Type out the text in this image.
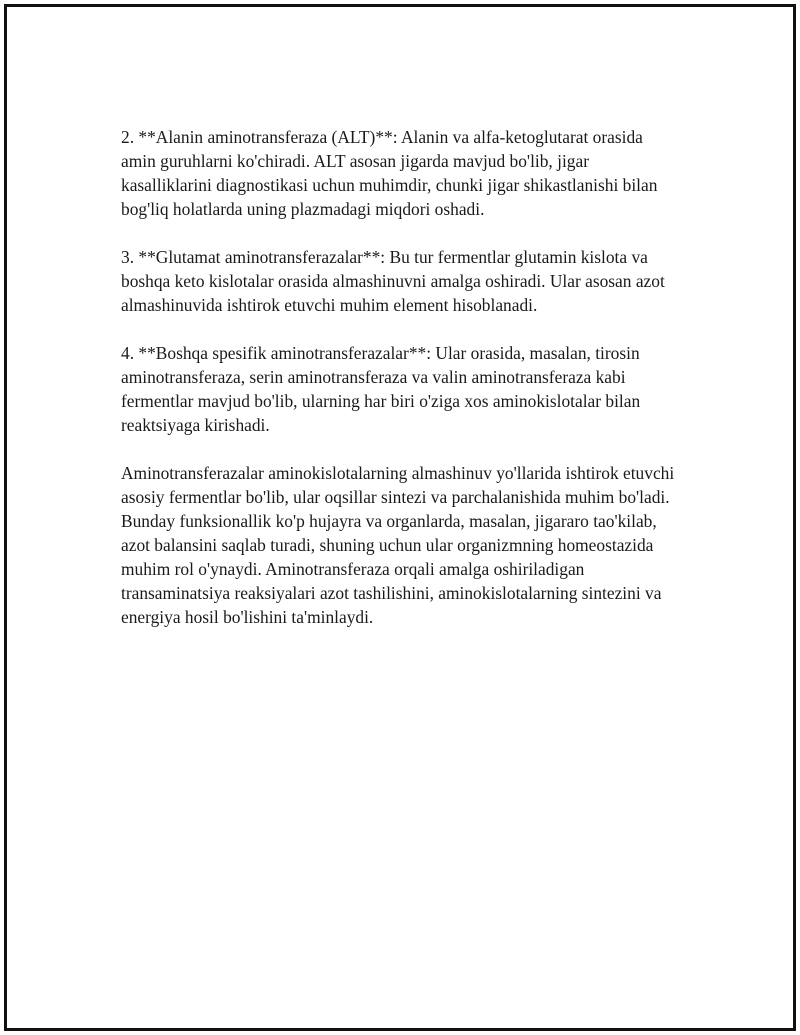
2. **Alanin aminotransferaza (ALT)**: Alanin va alfa-ketoglutarat orasida amin guruhlarni ko'chiradi. ALT asosan jigarda mavjud bo'lib, jigar kasalliklarini diagnostikasi uchun muhimdir, chunki jigar shikastlanishi bilan bog'liq holatlarda uning plazmadagi miqdori oshadi.

3. **Glutamat aminotransferazalar**: Bu tur fermentlar glutamin kislota va boshqa keto kislotalar orasida almashinuvni amalga oshiradi. Ular asosan azot almashinuvida ishtirok etuvchi muhim element hisoblanadi.

4. **Boshqa spesifik aminotransferazalar**: Ular orasida, masalan, tirosin aminotransferaza, serin aminotransferaza va valin aminotransferaza kabi fermentlar mavjud bo'lib, ularning har biri o'ziga xos aminokislotalar bilan reaktsiyaga kirishadi.

Aminotransferazalar aminokislotalarning almashinuv yo'llarida ishtirok etuvchi asosiy fermentlar bo'lib, ular oqsillar sintezi va parchalanishida muhim bo'ladi. Bunday funksionallik ko'p hujayra va organlarda, masalan, jigararo tao'kilab, azot balansini saqlab turadi, shuning uchun ular organizmning homeostazida muhim rol o'ynaydi. Aminotransferaza orqali amalga oshiriladigan transaminatsiya reaksiyalari azot tashilishini, aminokislotalarning sintezini va energiya hosil bo'lishini ta'minlaydi.
